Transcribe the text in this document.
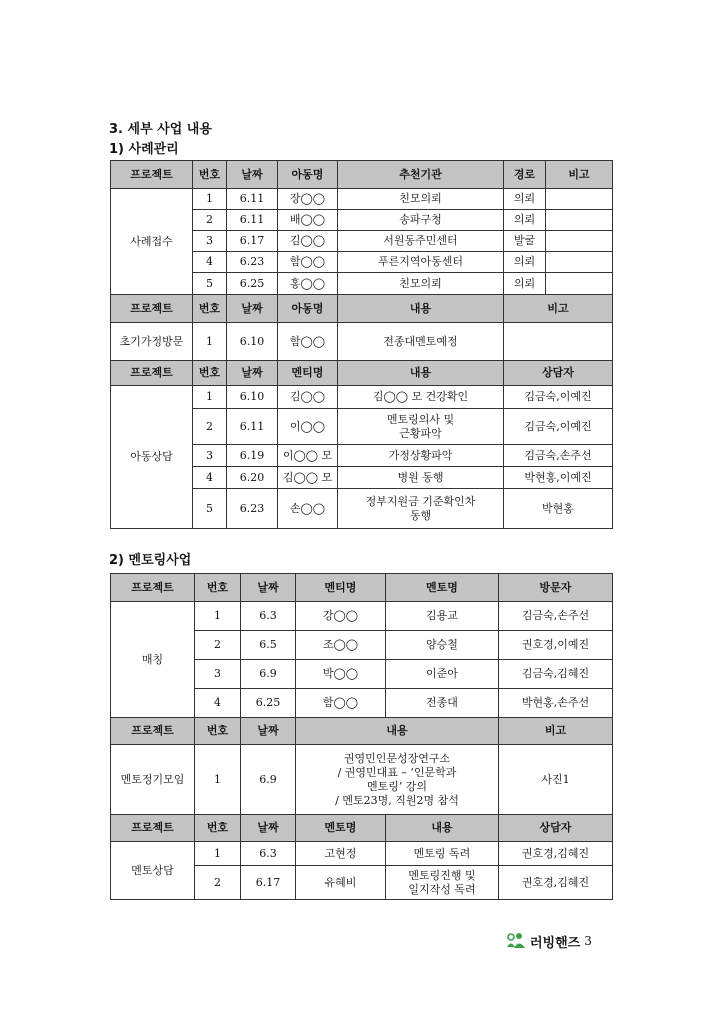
3. 세부 사업 내용
1) 사례관리
프로젝트	번호	날짜	아동명	추천기관	경로	비고
사례접수	1	6.11	장◯◯	친모의뢰	의뢰	
	2	6.11	배◯◯	송파구청	의뢰	
	3	6.17	김◯◯	서원동주민센터	발굴	
	4	6.23	함◯◯	푸른지역아동센터	의뢰	
	5	6.25	홍◯◯	친모의뢰	의뢰	
프로젝트	번호	날짜	아동명	내용	비고	
초기가정방문	1	6.10	함◯◯	전종대멘토예정		
프로젝트	번호	날짜	멘티명	내용	상담자	
아동상담	1	6.10	김◯◯	김◯◯ 모 건강확인	김금숙,이예진	
	2	6.11	이◯◯	멘토링의사 및
근황파악	김금숙,이예진	
	3	6.19	이◯◯ 모	가정상황파악	김금숙,손주선	
	4	6.20	김◯◯ 모	병원 동행	박현홍,이예진	
	5	6.23	손◯◯	정부지원금 기준확인차
동행	박현홍	
2) 멘토링사업
프로젝트	번호	날짜	멘티명	멘토명	방문자
매칭	1	6.3	강◯◯	김용교	김금숙,손주선
	2	6.5	조◯◯	양승철	권호경,이예진
	3	6.9	박◯◯	이준아	김금숙,김혜진
	4	6.25	함◯◯	전종대	박현홍,손주선
프로젝트	번호	날짜	내용		비고
멘토정기모임	1	6.9	권영민인문성장연구소
/ 권영민대표 – ‘인문학과
멘토링’ 강의
/ 멘토23명, 직원2명 참석		사진1
프로젝트	번호	날짜	멘토명	내용	상담자
멘토상담	1	6.3	고현정	멘토링 독려	권호경,김혜진
	2	6.17	유혜비	멘토링진행 및
일지작성 독려	권호경,김혜진
러빙핸즈 3
